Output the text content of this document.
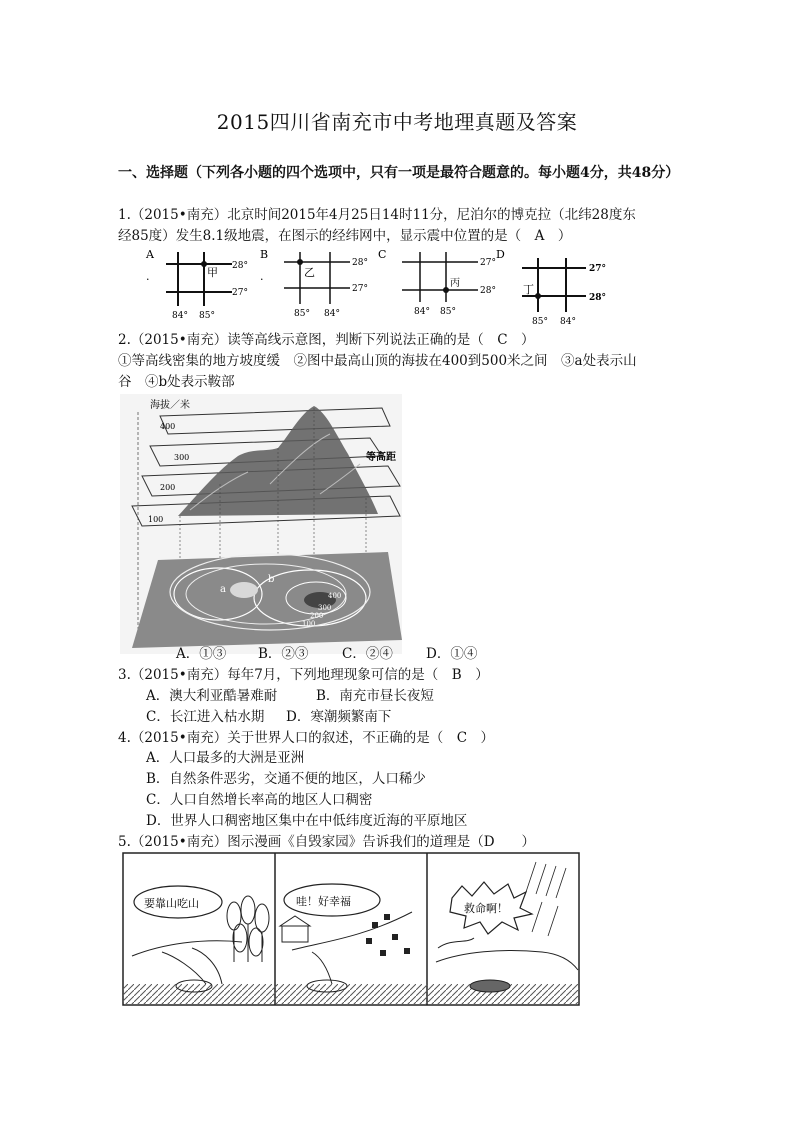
2015四川省南充市中考地理真题及答案
一、选择题（下列各小题的四个选项中，只有一项是最符合题意的。每小题4分，共48分）
1.（2015•南充）北京时间2015年4月25日14时11分，尼泊尔的博克拉（北纬28度东
经85度）发生8.1级地震，在图示的经纬网中，显示震中位置的是（　A　）
A
.	甲 28°
27°
84° 85°
B
.	乙
28°
27°
85° 84°
C
丙
27°
28°
84° 85°
D
丁
27°
28°
85° 84°
2.（2015•南充）读等高线示意图，判断下列说法正确的是（　C　）
①等高线密集的地方坡度缓　②图中最高山顶的海拔在400到500米之间　③a处表示山
谷　④b处表示鞍部
海拔／米
400
300
200
100
等高距
a
b
400
300
200
100
A．①③ B．②③ C．②④ D．①④
3.（2015•南充）每年7月，下列地理现象可信的是（　B　）
A．澳大利亚酷暑难耐	B．南充市昼长夜短
C．长江进入枯水期 D．寒潮频繁南下
4.（2015•南充）关于世界人口的叙述，不正确的是（　C　）
A．人口最多的大洲是亚洲
B．自然条件恶劣，交通不便的地区，人口稀少
C．人口自然增长率高的地区人口稠密
D．世界人口稠密地区集中在中低纬度近海的平原地区
5.（2015•南充）图示漫画《自毁家园》告诉我们的道理是（D　　）
要靠山吃山	哇！好幸福
救命啊！
